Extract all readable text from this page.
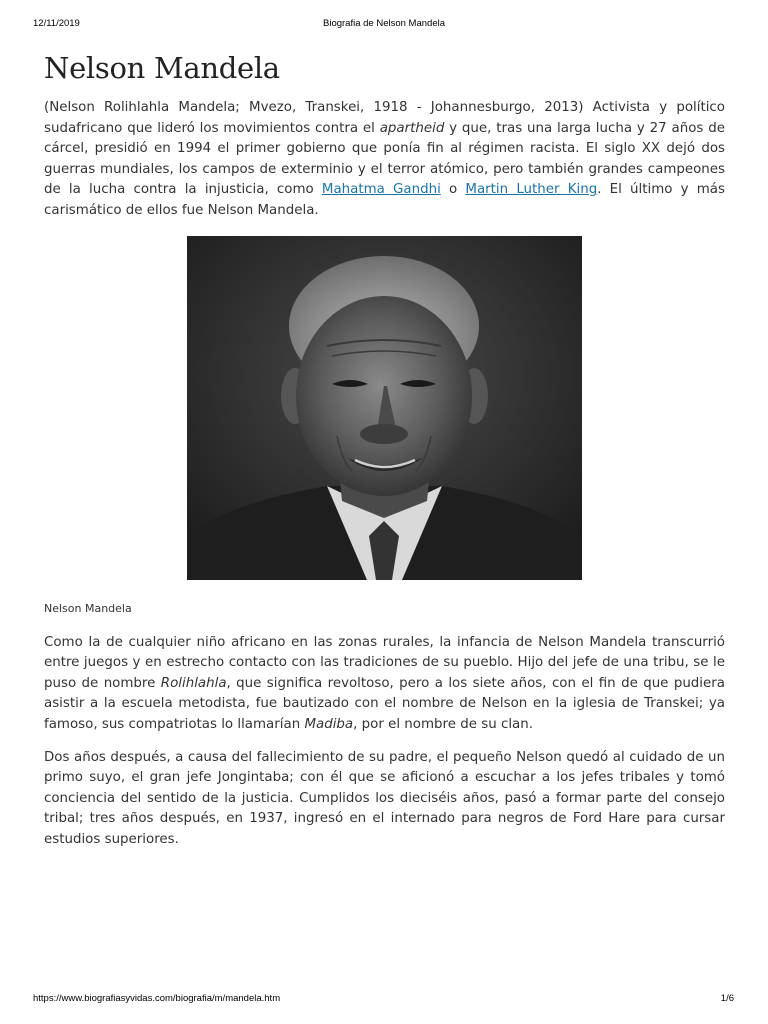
12/11/2019	Biografia de Nelson Mandela
Nelson Mandela

(Nelson Rolihlahla Mandela; Mvezo, Transkei, 1918 - Johannesburgo, 2013) Activista y político sudafricano que lideró los movimientos contra el apartheid y que, tras una larga lucha y 27 años de cárcel, presidió en 1994 el primer gobierno que ponía fin al régimen racista. El siglo XX dejó dos guerras mundiales, los campos de exterminio y el terror atómico, pero también grandes campeones de la lucha contra la injusticia, como Mahatma Gandhi o Martin Luther King. El último y más carismático de ellos fue Nelson Mandela.

Nelson Mandela

Como la de cualquier niño africano en las zonas rurales, la infancia de Nelson Mandela transcurrió entre juegos y en estrecho contacto con las tradiciones de su pueblo. Hijo del jefe de una tribu, se le puso de nombre Rolihlahla, que significa revoltoso, pero a los siete años, con el fin de que pudiera asistir a la escuela metodista, fue bautizado con el nombre de Nelson en la iglesia de Transkei; ya famoso, sus compatriotas lo llamarían Madiba, por el nombre de su clan.

Dos años después, a causa del fallecimiento de su padre, el pequeño Nelson quedó al cuidado de un primo suyo, el gran jefe Jongintaba; con él que se aficionó a escuchar a los jefes tribales y tomó conciencia del sentido de la justicia. Cumplidos los dieciséis años, pasó a formar parte del consejo tribal; tres años después, en 1937, ingresó en el internado para negros de Ford Hare para cursar estudios superiores.

https://www.biografiasyvidas.com/biografia/m/mandela.htm	1/6
